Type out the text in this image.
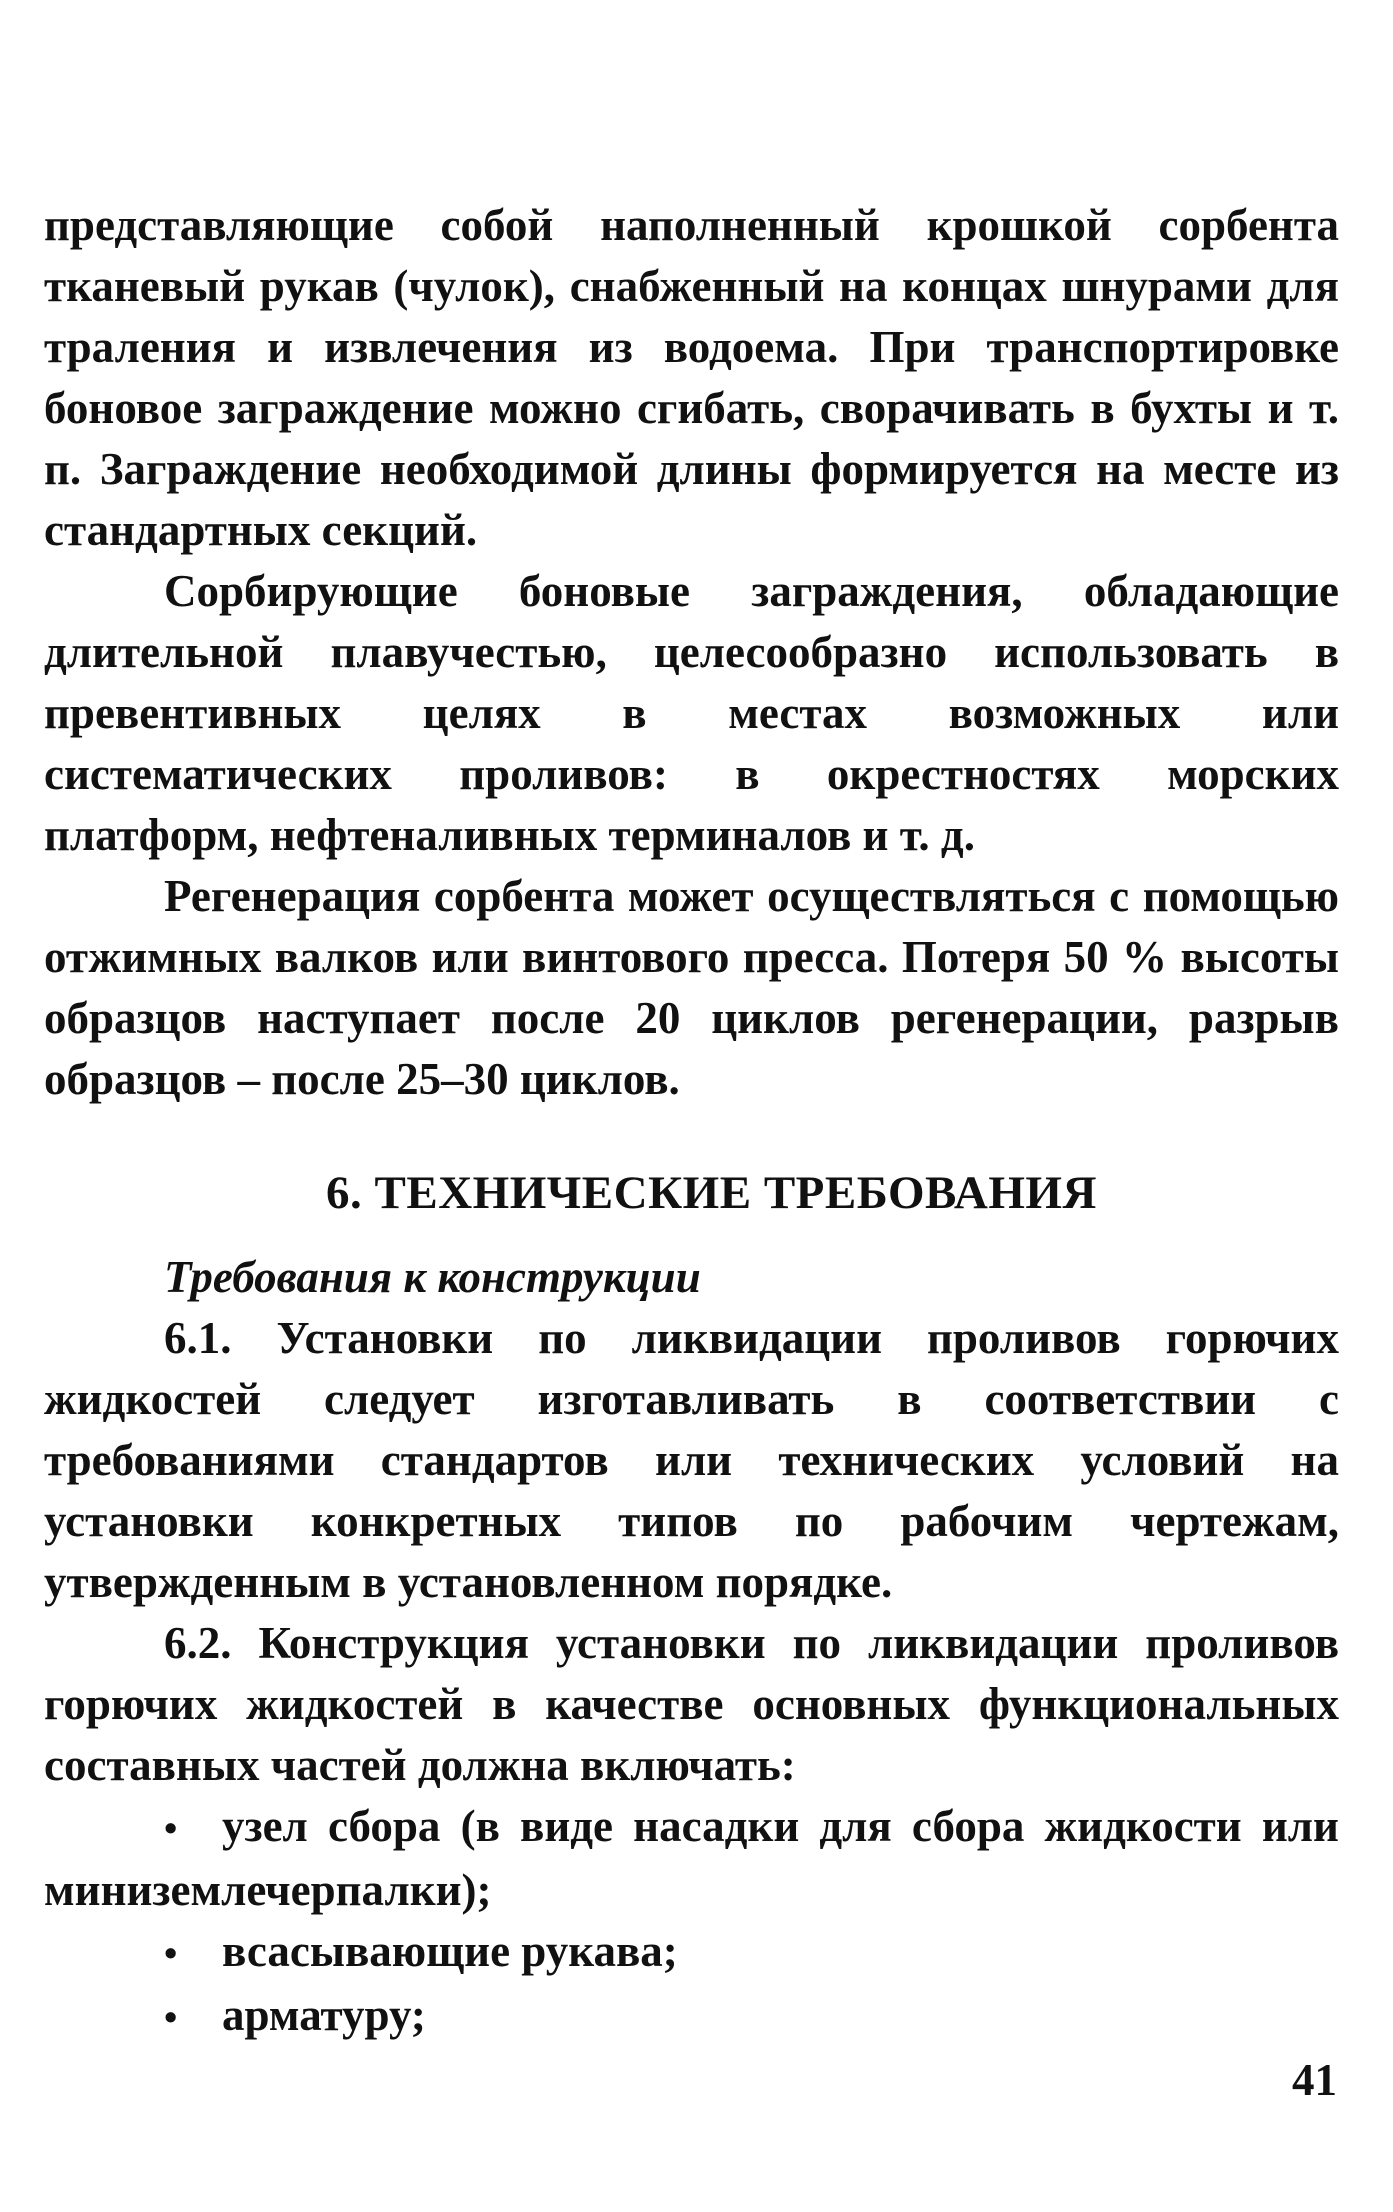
представляющие собой наполненный крошкой сорбента тканевый рукав (чулок), снабженный на концах шнурами для траления и извлечения из водоема. При транспортировке боновое заграждение можно сгибать, сворачивать в бухты и т. п. Заграждение необходимой длины формируется на месте из стандартных секций.

Сорбирующие боновые заграждения, обладающие длительной плавучестью, целесообразно использовать в превентивных целях в местах возможных или систематических проливов: в окрестностях морских платформ, нефтеналивных терминалов и т. д.

Регенерация сорбента может осуществляться с помощью отжимных валков или винтового пресса. Потеря 50 % высоты образцов наступает после 20 циклов регенерации, разрыв образцов – после 25–30 циклов.

6. ТЕХНИЧЕСКИЕ ТРЕБОВАНИЯ
Требования к конструкции

6.1. Установки по ликвидации проливов горючих жидкостей следует изготавливать в соответствии с требованиями стандартов или технических условий на установки конкретных типов по рабочим чертежам, утвержденным в установленном порядке.

6.2. Конструкция установки по ликвидации проливов горючих жидкостей в качестве основных функциональных составных частей должна включать:

• узел сбора (в виде насадки для сбора жидкости или миниземлечерпалки);
• всасывающие рукава;
• арматуру;
41
